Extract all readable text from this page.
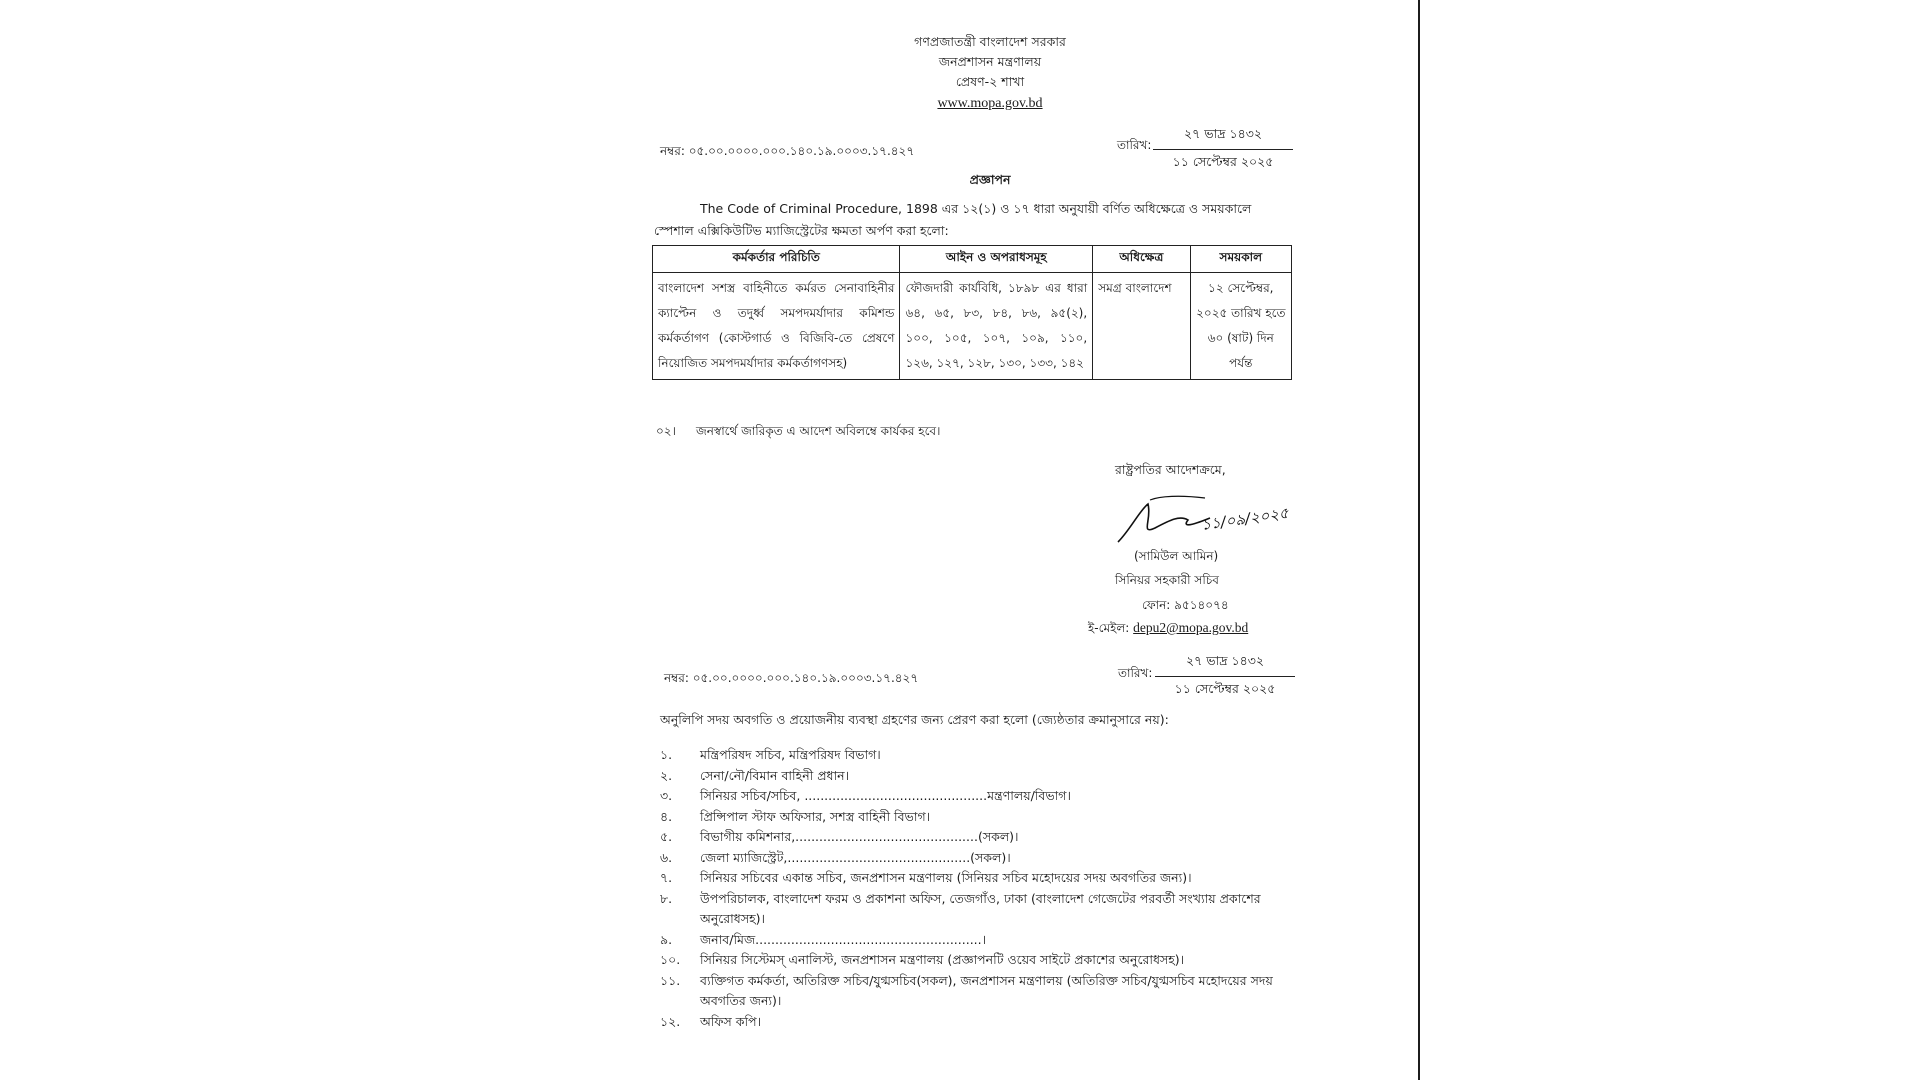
গণপ্রজাতন্ত্রী বাংলাদেশ সরকার
জনপ্রশাসন মন্ত্রণালয়
প্রেষণ-২ শাখা
www.mopa.gov.bd
নম্বর: ০৫.০০.০০০০.০০০.১৪০.১৯.০০০৩.১৭.৪২৭	তারিখ:
২৭ ভাদ্র ১৪৩২
১১ সেপ্টেম্বর ২০২৫
প্রজ্ঞাপন
The Code of Criminal Procedure, 1898 এর ১২(১) ও ১৭ ধারা অনুযায়ী বর্ণিত অধিক্ষেত্রে ও সময়কালে
স্পেশাল এক্সিকিউটিভ ম্যাজিস্ট্রেটের ক্ষমতা অর্পণ করা হলো:
কর্মকর্তার পরিচিতি	আইন ও অপরাধসমূহ	অধিক্ষেত্র	সময়কাল
বাংলাদেশ সশস্ত্র বাহিনীতে কর্মরত সেনাবাহিনীর ক্যাপ্টেন ও তদুর্ধ্ব সমপদমর্যাদার কমিশন্ড কর্মকর্তাগণ (কোস্টগার্ড ও বিজিবি-তে প্রেষণে নিয়োজিত সমপদমর্যাদার কর্মকর্তাগণসহ)	ফৌজদারী কার্যবিধি, ১৮৯৮ এর ধারা ৬৪, ৬৫, ৮৩, ৮৪, ৮৬, ৯৫(২), ১০০, ১০৫, ১০৭, ১০৯, ১১০, ১২৬, ১২৭, ১২৮, ১৩০, ১৩৩, ১৪২	সমগ্র বাংলাদেশ	১২ সেপ্টেম্বর, ২০২৫ তারিখ হতে ৬০ (ষাট) দিন পর্যন্ত
০২। জনস্বার্থে জারিকৃত এ আদেশ অবিলম্বে কার্যকর হবে।
রাষ্ট্রপতির আদেশক্রমে,
১১/০৯/২০২৫
(সামিউল আমিন)
সিনিয়র সহকারী সচিব
ফোন: ৯৫১৪০৭৪
ই-মেইল: depu2@mopa.gov.bd
নম্বর: ০৫.০০.০০০০.০০০.১৪০.১৯.০০০৩.১৭.৪২৭	তারিখ:
২৭ ভাদ্র ১৪৩২
১১ সেপ্টেম্বর ২০২৫
অনুলিপি সদয় অবগতি ও প্রয়োজনীয় ব্যবস্থা গ্রহণের জন্য প্রেরণ করা হলো (জ্যেষ্ঠতার ক্রমানুসারে নয়):
১.	মন্ত্রিপরিষদ সচিব, মন্ত্রিপরিষদ বিভাগ।
২.	সেনা/নৌ/বিমান বাহিনী প্রধান।
৩.	সিনিয়র সচিব/সচিব, ..............................................মন্ত্রণালয়/বিভাগ।
৪.	প্রিন্সিপাল স্টাফ অফিসার, সশস্ত্র বাহিনী বিভাগ।
৫.	বিভাগীয় কমিশনার,..............................................(সকল)।
৬.	জেলা ম্যাজিস্ট্রেট,..............................................(সকল)।
৭.	সিনিয়র সচিবের একান্ত সচিব, জনপ্রশাসন মন্ত্রণালয় (সিনিয়র সচিব মহোদয়ের সদয় অবগতির জন্য)।
৮.	উপপরিচালক, বাংলাদেশ ফরম ও প্রকাশনা অফিস, তেজগাঁও, ঢাকা (বাংলাদেশ গেজেটের পরবর্তী সংখ্যায় প্রকাশের অনুরোধসহ)।
৯.	জনাব/মিজ.........................................................।
১০.	সিনিয়র সিস্টেমস্ এনালিস্ট, জনপ্রশাসন মন্ত্রণালয় (প্রজ্ঞাপনটি ওয়েব সাইটে প্রকাশের অনুরোধসহ)।
১১.	ব্যক্তিগত কর্মকর্তা, অতিরিক্ত সচিব/যুগ্মসচিব(সকল), জনপ্রশাসন মন্ত্রণালয় (অতিরিক্ত সচিব/যুগ্মসচিব মহোদয়ের সদয় অবগতির জন্য)।
১২.	অফিস কপি।
